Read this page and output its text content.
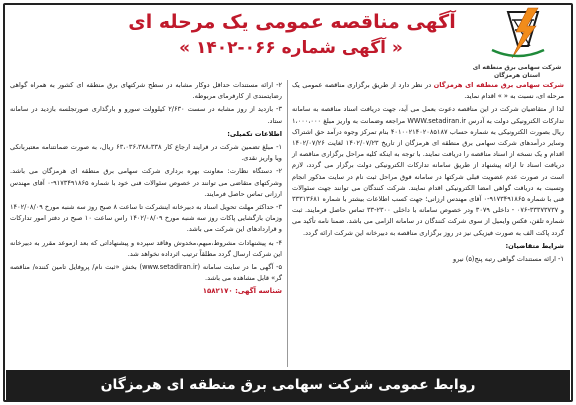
آگهی مناقصه عمومی یک مرحله ای
« آگهی شماره ۰۶۶-۱۴۰۲ »
شرکت سهامی برق منطقه ای
استان هرمزگان

شرکت سهامی برق منطقه ای هرمزگان در نظر دارد از طریق برگزاری مناقصه عمومی یک مرحله ای، نسبت به « » اقدام نماید.

لذا از متقاضیان شرکت در این مناقصه دعوت بعمل می آید، جهت دریافت اسناد مناقصه به سامانه تدارکات الکترونیکی دولت به آدرس WWW.setadiran.ir مراجعه وضمانت به واریز مبلغ ۱،۰۰۰،۰۰۰ ریال بصورت الکترونیکی به شماره حساب ۴۰۱۰۰۲۱۴۰۲۰۸۵۱۸۷ بنام تمرکز وجوه درآمد حق اشتراک وسایر درآمدهای شرکت سهامی برق منطقه ای هرمزگان از تاریخ ۱۴۰۲/۰۷/۲۳ لغایت ۱۴۰۲/۰۷/۲۶ اقدام و یک نسخه از اسناد مناقصه را دریافت نمایند. با توجه به اینکه کلیه مراحل برگزاری مناقصه از دریافت اسناد تا ارائه پیشنهاد از طریق سامانه تدارکات الکترونیکی دولت برگزار می گردد، لازم است در صورت عدم عضویت قبلی شرکتها در سامانه فوق مراحل ثبت نام در سایت مذکور انجام وتسبت به دریافت گواهی امضا الکترونیکی اقدام نمایند. شرکت کنندگان می توانند جهت سئوالات فنی با شماره ۹۱۷۳۴۹۱۸۶۵-۰ آقای مهندس ارزانی؛ جهت کسب اطلاعات بیشتر با شماره ۳۳۳۱۳۶۸۱ و ۳۳۳۷۳۷۳۷-۰۷۶ - داخلی ۳۰۷۹ ودر خصوص سامانه با داخلی ۲۳۰۰-۳۳ تماس حاصل فرمایند. ثبت شماره تلفن، فکس وایمیل از سوی شرکت کنندگان در سامانه الزامی می باشد. ضمنا نامه تأکید می گردد پاکت الف به صورت فیزیکی نیز در روز برگزاری مناقصه به دبیرخانه این شرکت ارائه گردد.

شرایط متقاضیان:

۱- ارائه مستندات گواهی رتبه پنج(۵) نیرو

۲- ارائه مستندات حداقل دوکار مشابه در سطح شرکتهای برق منطقه ای کشور به همراه گواهی رضایتمندی از کارفرمای مربوطه.

۳- بازدید از روز مشابه در سست ۲/۶۳۰ کیلوولت سورو و بارگذاری صورتجلسه بازدید در سامانه ستاد.

اطلاعات تکمیلی:

۱- مبلغ تضمین شرکت در فرایند ارجاع کار ۶۳،۰۳۶،۳۸۸،۳۳۸ ریال، به صورت ضمانتنامه معتبربانکی ویا واریز نقدی.

۲- دستگاه نظارت: معاونت بهره برداری شرکت سهامی برق منطقه ای هرمزگان می باشد. وشرکتهای متقاضی می توانند در خصوص سئوالات فنی خود با شماره ۹۱۷۳۴۹۱۸۶۵-۰ آقای مهندس ارزانی تماس حاصل فرمایند.

۳- حداکثر مهلت تحویل اسناد به دبیرخانه اینشرکت تا ساعت ۸ صبح روز سه شنبه مورخ ۱۴۰۲/۰۸/۰۹ وزمان بازگشایی پاکات روز سه شنبه مورخ ۱۴۰۲/۰۸/۰۹ راس ساعت ۱۰ صبح در دفتر امور تدارکات و قراردادهای این شرکت می باشد.

۴- به پیشنهادات مشروط،مبهم،مخدوش وفاقد سپرده و پیشنهاداتی که بعد ازموعد مقرر به دبیرخانه این شرکت ارسال گردد مطلقاً ترتیب اثرداده نخواهد شد.

۵- آگهی ما در سایت سامانه (www.setadiran.ir) بخش «ثبت نام/ پروفایل تامین کننده/ مناقصه گر» قابل مشاهده می باشد.

شناسه آگهی: ۱۵۸۲۱۷۰
روابط عمومی شرکت سهامی برق منطقه ای هرمزگان
